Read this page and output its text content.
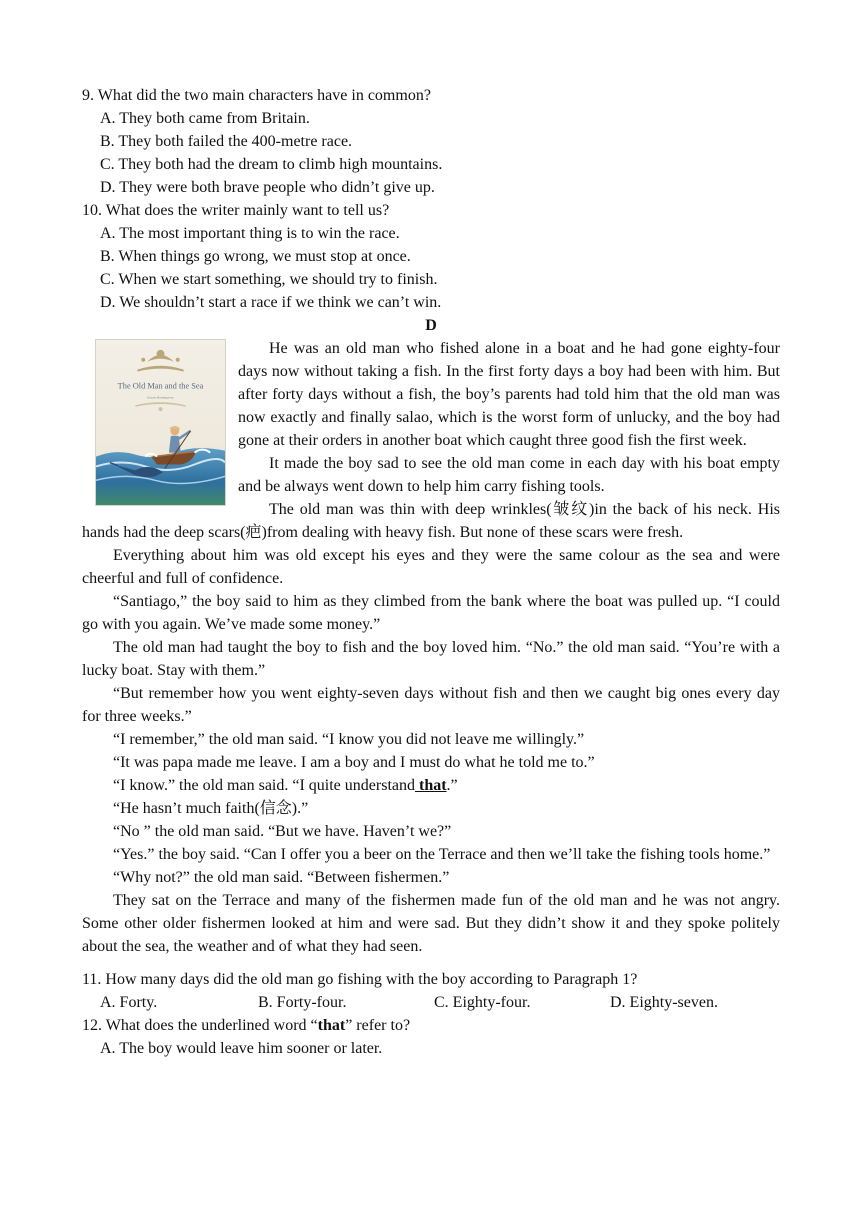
9. What did the two main characters have in common?
A. They both came from Britain.
B. They both failed the 400-metre race.
C. They both had the dream to climb high mountains.
D. They were both brave people who didn’t give up.
10. What does the writer mainly want to tell us?
A. The most important thing is to win the race.
B. When things go wrong, we must stop at once.
C. When we start something, we should try to finish.
D. We shouldn’t start a race if we think we can’t win.
D
The Old Man and the Sea
Ernest Hemingway

He was an old man who fished alone in a boat and he had gone eighty-four days now without taking a fish. In the first forty days a boy had been with him. But after forty days without a fish, the boy’s parents had told him that the old man was now exactly and finally salao, which is the worst form of unlucky, and the boy had gone at their orders in another boat which caught three good fish the first week.

It made the boy sad to see the old man come in each day with his boat empty and be always went down to help him carry fishing tools.

The old man was thin with deep wrinkles(皱纹)in the back of his neck. His hands had the deep scars(疤)from dealing with heavy fish. But none of these scars were fresh.

Everything about him was old except his eyes and they were the same colour as the sea and were cheerful and full of confidence.

“Santiago,” the boy said to him as they climbed from the bank where the boat was pulled up. “I could go with you again. We’ve made some money.”

The old man had taught the boy to fish and the boy loved him. “No.” the old man said. “You’re with a lucky boat. Stay with them.”

“But remember how you went eighty-seven days without fish and then we caught big ones every day for three weeks.”

“I remember,” the old man said. “I know you did not leave me willingly.”

“It was papa made me leave. I am a boy and I must do what he told me to.”

“I know.” the old man said. “I quite understand that.”

“He hasn’t much faith(信念).”

“No ” the old man said. “But we have. Haven’t we?”

“Yes.” the boy said. “Can I offer you a beer on the Terrace and then we’ll take the fishing tools home.”

“Why not?” the old man said. “Between fishermen.”

They sat on the Terrace and many of the fishermen made fun of the old man and he was not angry. Some other older fishermen looked at him and were sad. But they didn’t show it and they spoke politely about the sea, the weather and of what they had seen.

11. How many days did the old man go fishing with the boy according to Paragraph 1?
A. Forty.	B. Forty-four.	C. Eighty-four.	D. Eighty-seven.
12. What does the underlined word “that” refer to?
A. The boy would leave him sooner or later.
